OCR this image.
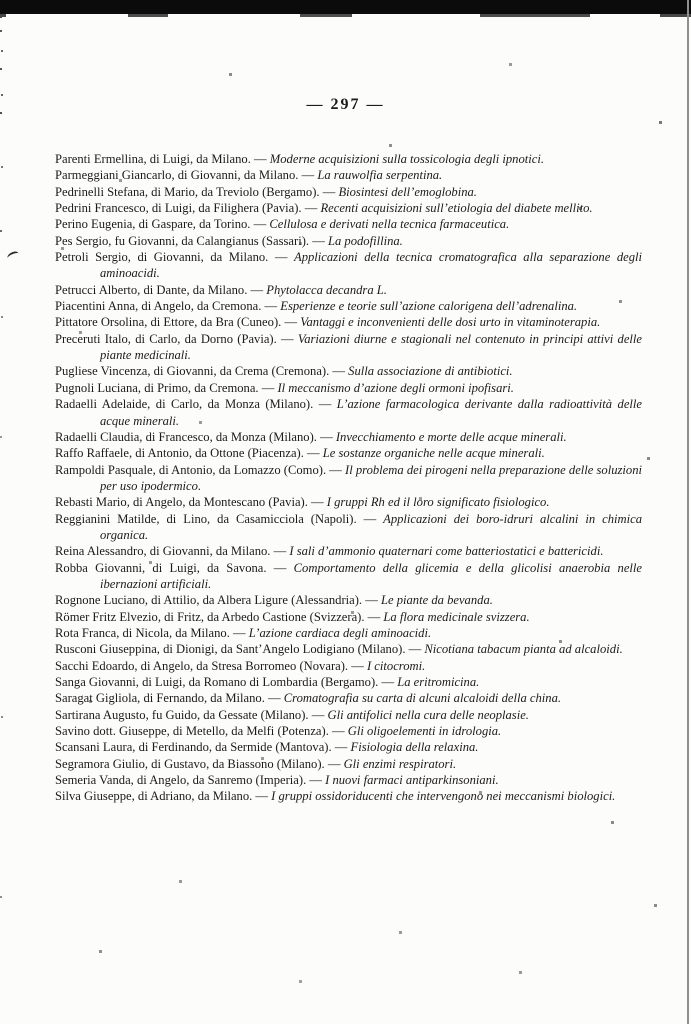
— 297 —

Parenti Ermellina, di Luigi, da Milano. — Moderne acquisizioni sulla tossicologia degli ipnotici.

Parmeggiani Giancarlo, di Giovanni, da Milano. — La rauwolfia serpentina.

Pedrinelli Stefana, di Mario, da Treviolo (Bergamo). — Biosintesi dell’emoglobina.

Pedrini Francesco, di Luigi, da Filighera (Pavia). — Recenti acquisizioni sull’etiologia del diabete mellito.

Perino Eugenia, di Gaspare, da Torino. — Cellulosa e derivati nella tecnica farmaceutica.

Pes Sergio, fu Giovanni, da Calangianus (Sassari). — La podofillina.

Petroli Sergio, di Giovanni, da Milano. — Applicazioni della tecnica cromatografica alla separazione degli aminoacidi.

Petrucci Alberto, di Dante, da Milano. — Phytolacca decandra L.

Piacentini Anna, di Angelo, da Cremona. — Esperienze e teorie sull’azione calorigena dell’adrenalina.

Pittatore Orsolina, di Ettore, da Bra (Cuneo). — Vantaggi e inconvenienti delle dosi urto in vitaminoterapia.

Preceruti Italo, di Carlo, da Dorno (Pavia). — Variazioni diurne e stagionali nel contenuto in principi attivi delle piante medicinali.

Pugliese Vincenza, di Giovanni, da Crema (Cremona). — Sulla associazione di antibiotici.

Pugnoli Luciana, di Primo, da Cremona. — Il meccanismo d’azione degli ormoni ipofisari.

Radaelli Adelaide, di Carlo, da Monza (Milano). — L’azione farmacologica derivante dalla radioattività delle acque minerali.

Radaelli Claudia, di Francesco, da Monza (Milano). — Invecchiamento e morte delle acque minerali.

Raffo Raffaele, di Antonio, da Ottone (Piacenza). — Le sostanze organiche nelle acque minerali.

Rampoldi Pasquale, di Antonio, da Lomazzo (Como). — Il problema dei pirogeni nella preparazione delle soluzioni per uso ipodermico.

Rebasti Mario, di Angelo, da Montescano (Pavia). — I gruppi Rh ed il loro significato fisiologico.

Reggianini Matilde, di Lino, da Casamicciola (Napoli). — Applicazioni dei boro-idruri alcalini in chimica organica.

Reina Alessandro, di Giovanni, da Milano. — I sali d’ammonio quaternari come batteriostatici e battericidi.

Robba Giovanni, di Luigi, da Savona. — Comportamento della glicemia e della glicolisi anaerobia nelle ibernazioni artificiali.

Rognone Luciano, di Attilio, da Albera Ligure (Alessandria). — Le piante da bevanda.

Römer Fritz Elvezio, di Fritz, da Arbedo Castione (Svizzera). — La flora medicinale svizzera.

Rota Franca, di Nicola, da Milano. — L’azione cardiaca degli aminoacidi.

Rusconi Giuseppina, di Dionigi, da Sant’Angelo Lodigiano (Milano). — Nicotiana tabacum pianta ad alcaloidi.

Sacchi Edoardo, di Angelo, da Stresa Borromeo (Novara). — I citocromi.

Sanga Giovanni, di Luigi, da Romano di Lombardia (Bergamo). — La eritromicina.

Saragat Gigliola, di Fernando, da Milano. — Cromatografia su carta di alcuni alcaloidi della china.

Sartirana Augusto, fu Guido, da Gessate (Milano). — Gli antifolici nella cura delle neoplasie.

Savino dott. Giuseppe, di Metello, da Melfi (Potenza). — Gli oligoelementi in idrologia.

Scansani Laura, di Ferdinando, da Sermide (Mantova). — Fisiologia della relaxina.

Segramora Giulio, di Gustavo, da Biassono (Milano). — Gli enzimi respiratori.

Semeria Vanda, di Angelo, da Sanremo (Imperia). — I nuovi farmaci antiparkinsoniani.

Silva Giuseppe, di Adriano, da Milano. — I gruppi ossidoriducenti che intervengono nei meccanismi biologici.
